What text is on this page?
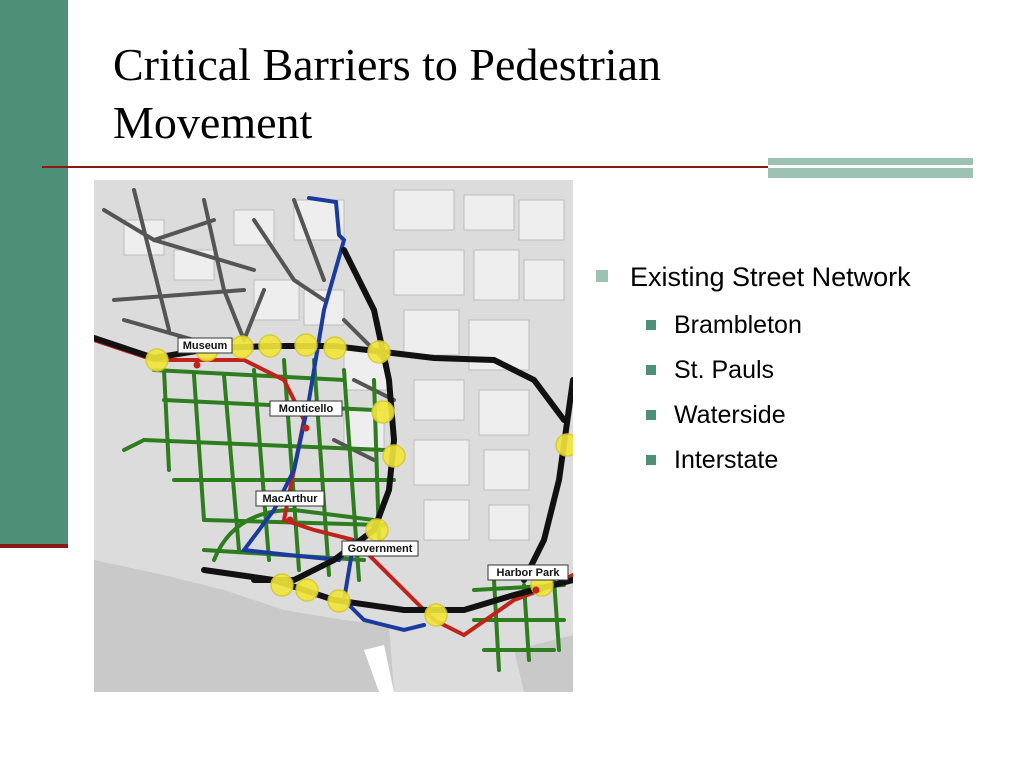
Critical Barriers to Pedestrian Movement
Museum
Monticello
MacArthur
Government
Harbor Park
Existing Street Network
Brambleton
St. Pauls
Waterside
Interstate
